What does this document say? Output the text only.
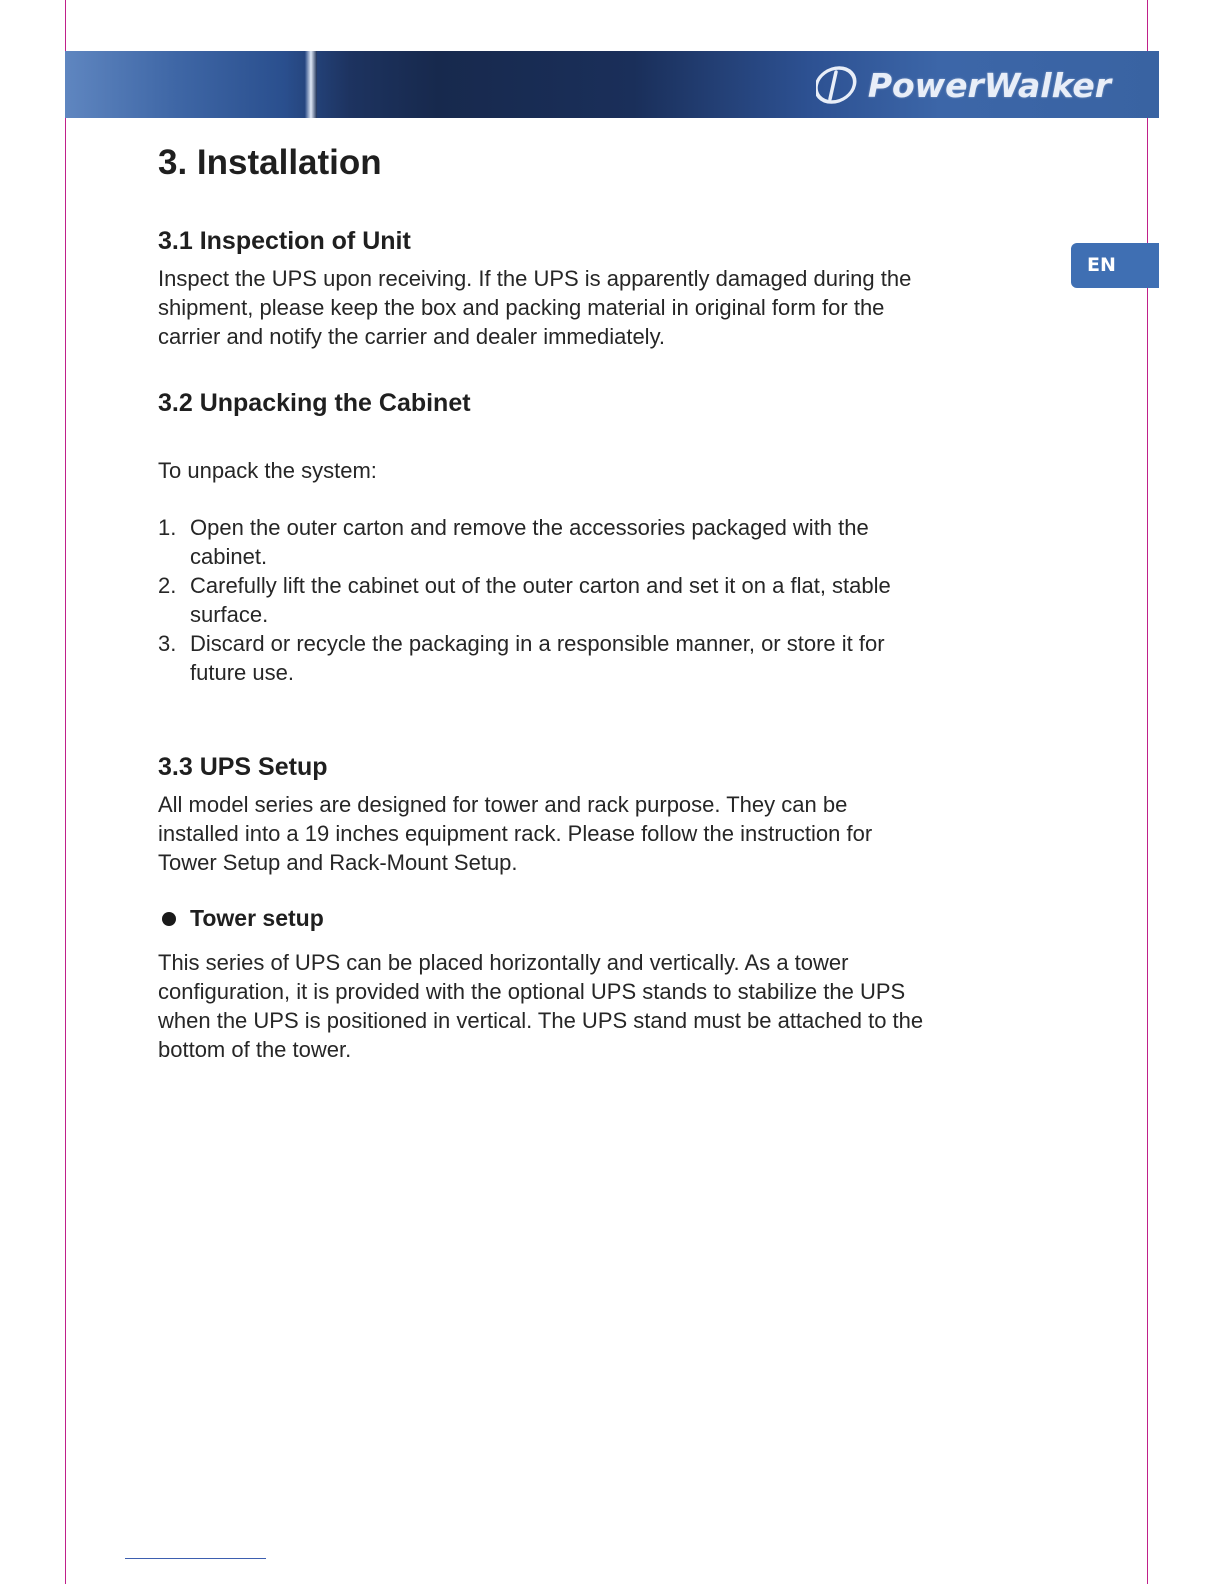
PowerWalker
EN
3. Installation
3.1 Inspection of Unit

Inspect the UPS upon receiving. If the UPS is apparently damaged during the
shipment, please keep the box and packing material in original form for the
carrier and notify the carrier and dealer immediately.

3.2 Unpacking the Cabinet

To unpack the system:

1. Open the outer carton and remove the accessories packaged with the
cabinet.
2. Carefully lift the cabinet out of the outer carton and set it on a flat, stable
surface.
3. Discard or recycle the packaging in a responsible manner, or store it for
future use.
3.3 UPS Setup

All model series are designed for tower and rack purpose. They can be
installed into a 19 inches equipment rack. Please follow the instruction for
Tower Setup and Rack-Mount Setup.

Tower setup

This series of UPS can be placed horizontally and vertically. As a tower
configuration, it is provided with the optional UPS stands to stabilize the UPS
when the UPS is positioned in vertical. The UPS stand must be attached to the
bottom of the tower.
